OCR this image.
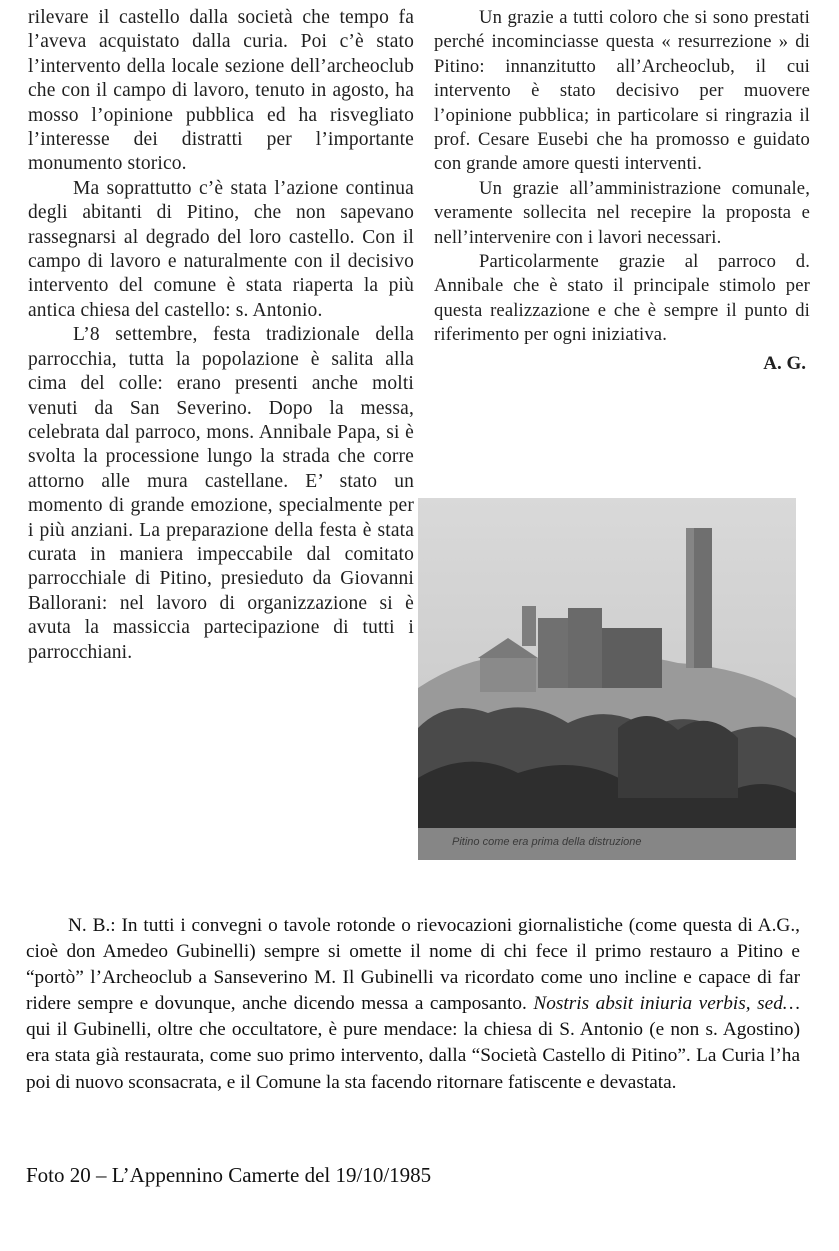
rilevare il castello dalla società che tempo fa l’aveva acquistato dalla curia. Poi c’è stato l’intervento della locale sezione dell’archeoclub che con il campo di lavoro, tenuto in agosto, ha mosso l’opinione pubblica ed ha risvegliato l’interesse dei distratti per l’importante monumento storico.

Ma soprattutto c’è stata l’azione continua degli abitanti di Pitino, che non sapevano rassegnarsi al degrado del loro castello. Con il campo di lavoro e naturalmente con il decisivo intervento del comune è stata riaperta la più antica chiesa del castello: s. Antonio.

L’8 settembre, festa tradizionale della parrocchia, tutta la popolazione è salita alla cima del colle: erano presenti anche molti venuti da San Severino. Dopo la messa, celebrata dal parroco, mons. Annibale Papa, si è svolta la processione lungo la strada che corre attorno alle mura castellane. E’ stato un momento di grande emozione, specialmente per i più anziani. La preparazione della festa è stata curata in maniera impeccabile dal comitato parrocchiale di Pitino, presieduto da Giovanni Ballorani: nel lavoro di organizzazione si è avuta la massiccia partecipazione di tutti i parrocchiani.

Un grazie a tutti coloro che si sono prestati perché incominciasse questa « resurrezione » di Pitino: innanzitutto all’Archeoclub, il cui intervento è stato decisivo per muovere l’opinione pubblica; in particolare si ringrazia il prof. Cesare Eusebi che ha promosso e guidato con grande amore questi interventi.

Un grazie all’amministrazione comunale, veramente sollecita nel recepire la proposta e nell’intervenire con i lavori necessari.

Particolarmente grazie al parroco d. Annibale che è stato il principale stimolo per questa realizzazione e che è sempre il punto di riferimento per ogni iniziativa.

A. G.
Pitino come era prima della distruzione
N. B.: In tutti i convegni o tavole rotonde o rievocazioni giornalistiche (come questa di A.G., cioè don Amedeo Gubinelli) sempre si omette il nome di chi fece il primo restauro a Pitino e “portò” l’Archeoclub a Sanseverino M. Il Gubinelli va ricordato come uno incline e capace di far ridere sempre e dovunque, anche dicendo messa a camposanto. Nostris absit iniuria verbis, sed… qui il Gubinelli, oltre che occultatore, è pure mendace: la chiesa di S. Antonio (e non s. Agostino) era stata già restaurata, come suo primo intervento, dalla “Società Castello di Pitino”. La Curia l’ha poi di nuovo sconsacrata, e il Comune la sta facendo ritornare fatiscente e devastata.
Foto 20 – L’Appennino Camerte del 19/10/1985
